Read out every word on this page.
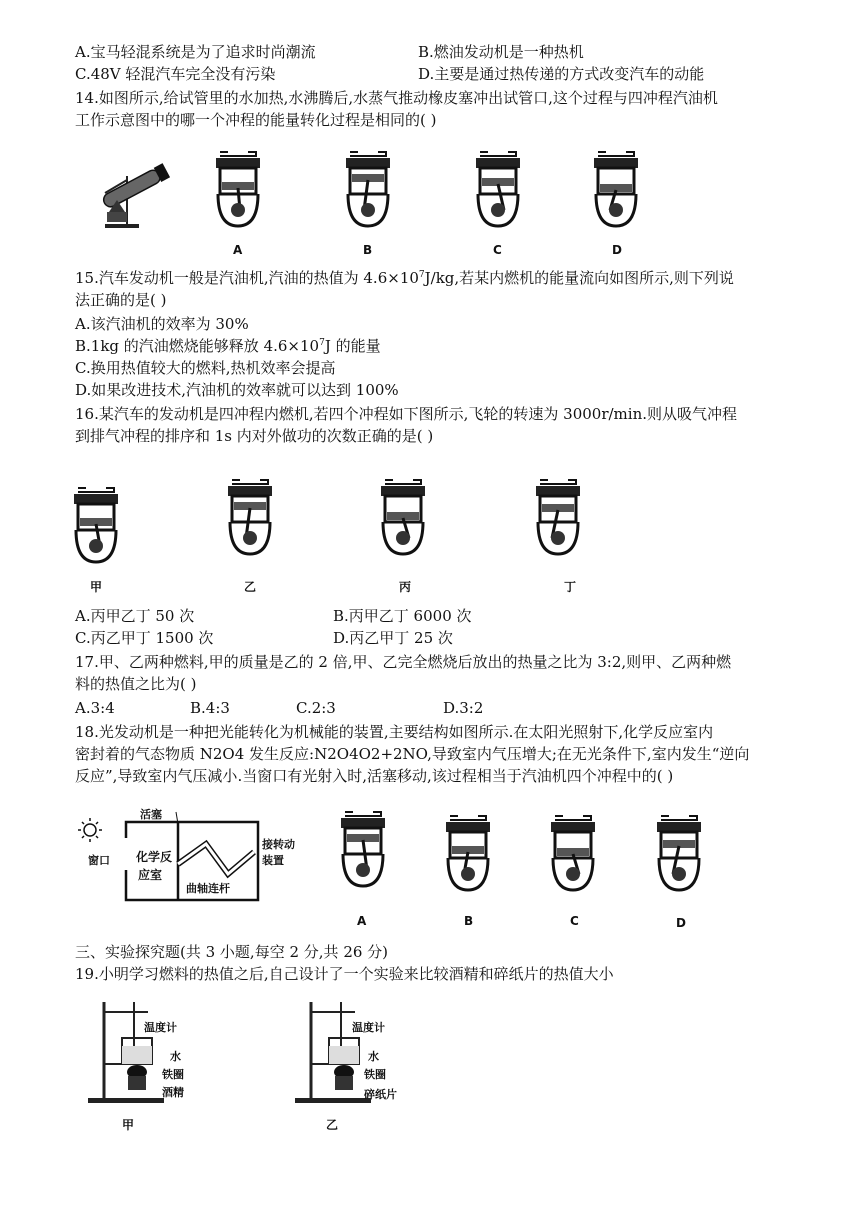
A.宝马轻混系统是为了追求时尚潮流	B.燃油发动机是一种热机
C.48V 轻混汽车完全没有污染	D.主要是通过热传递的方式改变汽车的动能
14.如图所示,给试管里的水加热,水沸腾后,水蒸气推动橡皮塞冲出试管口,这个过程与四冲程汽油机
工作示意图中的哪一个冲程的能量转化过程是相同的( )
A	B	C	D
15.汽车发动机一般是汽油机,汽油的热值为 $4.6\times 10^7J/kg$,若某内燃机的能量流向如图所示,则下列说
法正确的是( )
A.该汽油机的效率为 30%
B.1kg 的汽油燃烧能够释放 $4.6\times 10^7J$ 的能量
C.换用热值较大的燃料,热机效率会提高
D.如果改进技术,汽油机的效率就可以达到 100%
16.某汽车的发动机是四冲程内燃机,若四个冲程如下图所示,飞轮的转速为 3000r/min.则从吸气冲程
到排气冲程的排序和 1s 内对外做功的次数正确的是( )
甲	乙	丙	丁
A.丙甲乙丁 50 次	B.丙甲乙丁 6000 次
C.丙乙甲丁 1500 次	D.丙乙甲丁 25 次
17.甲、乙两种燃料,甲的质量是乙的 2 倍,甲、乙完全燃烧后放出的热量之比为 3:2,则甲、乙两种燃
料的热值之比为( )
A.3:4	B.4:3	C.2:3	D.3:2
18.光发动机是一种把光能转化为机械能的装置,主要结构如图所示.在太阳光照射下,化学反应室内
密封着的气态物质 N2O4 发生反应:N2O4O2+2NO,导致室内气压增大;在无光条件下,室内发生“逆向
反应”,导致室内气压减小.当窗口有光射入时,活塞移动,该过程相当于汽油机四个冲程中的( )
活塞
窗口 化学反
应室
曲轴连杆
接转动
装置
A	B	C	D
三、实验探究题(共 3 小题,每空 2 分,共 26 分)
19.小明学习燃料的热值之后,自己设计了一个实验来比较酒精和碎纸片的热值大小
温度计
水
铁圈
酒精
甲
温度计
水
铁圈
碎纸片
乙
